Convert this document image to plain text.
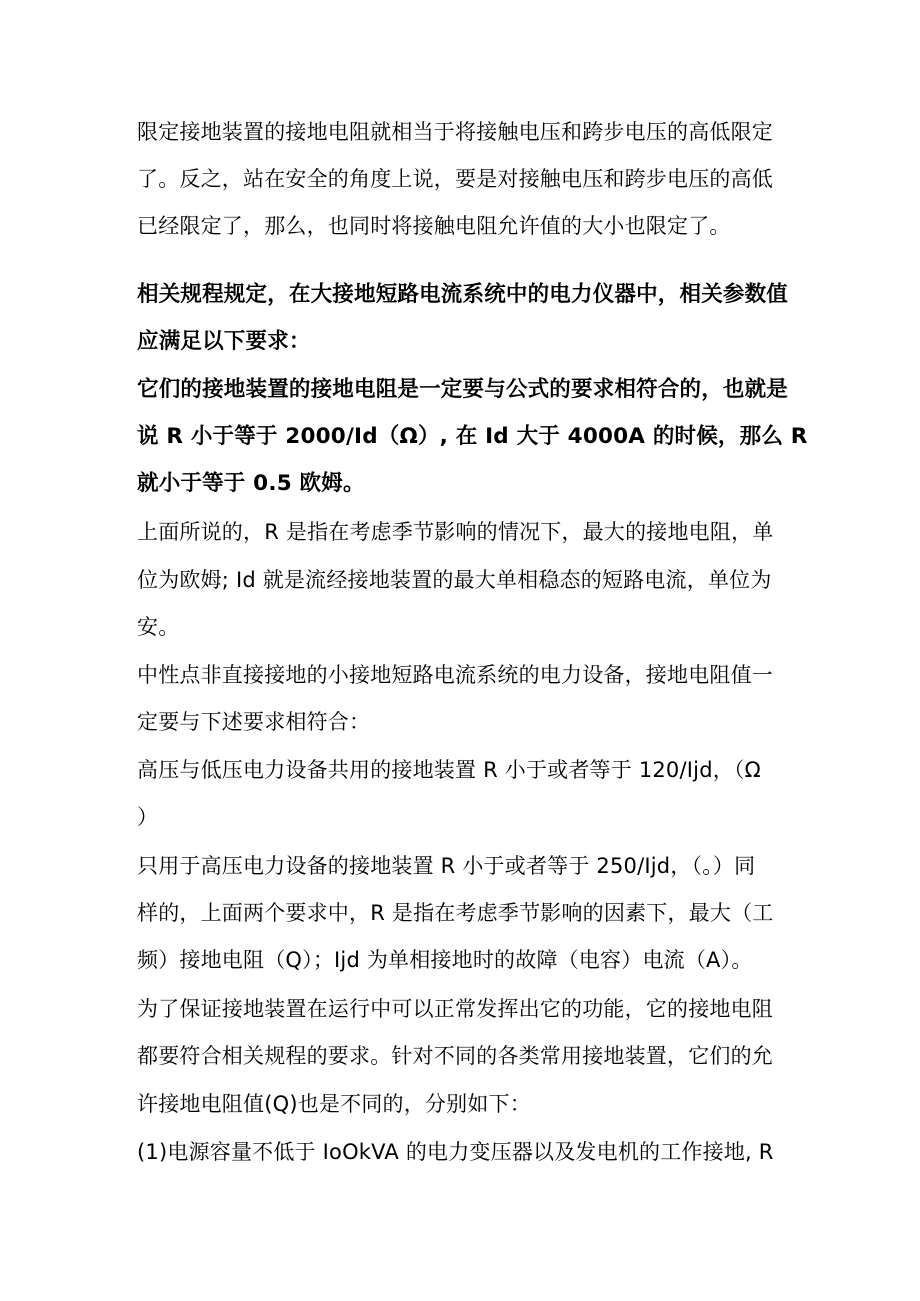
限定接地装置的接地电阻就相当于将接触电压和跨步电压的高低限定
了。反之，站在安全的角度上说，要是对接触电压和跨步电压的高低
已经限定了，那么，也同时将接触电阻允许值的大小也限定了。
相关规程规定，在大接地短路电流系统中的电力仪器中，相关参数值
应满足以下要求：
它们的接地装置的接地电阻是一定要与公式的要求相符合的，也就是
说 R 小于等于 2000/Id（Ω）, 在 Id 大于 4000A 的时候，那么 R
就小于等于 0.5 欧姆。
上面所说的，R 是指在考虑季节影响的情况下，最大的接地电阻，单
位为欧姆; Id 就是流经接地装置的最大单相稳态的短路电流，单位为
安。
中性点非直接接地的小接地短路电流系统的电力设备，接地电阻值一
定要与下述要求相符合：
高压与低压电力设备共用的接地装置 R 小于或者等于 120/Ijd，（Ω
）
只用于高压电力设备的接地装置 R 小于或者等于 250/Ijd，（。）同
样的，上面两个要求中，R 是指在考虑季节影响的因素下，最大（工
频）接地电阻（Q）；Ijd 为单相接地时的故障（电容）电流（A）。
为了保证接地装置在运行中可以正常发挥出它的功能，它的接地电阻
都要符合相关规程的要求。针对不同的各类常用接地装置，它们的允
许接地电阻值(Q)也是不同的，分别如下：
(1)电源容量不低于 IoOkVA 的电力变压器以及发电机的工作接地, R
